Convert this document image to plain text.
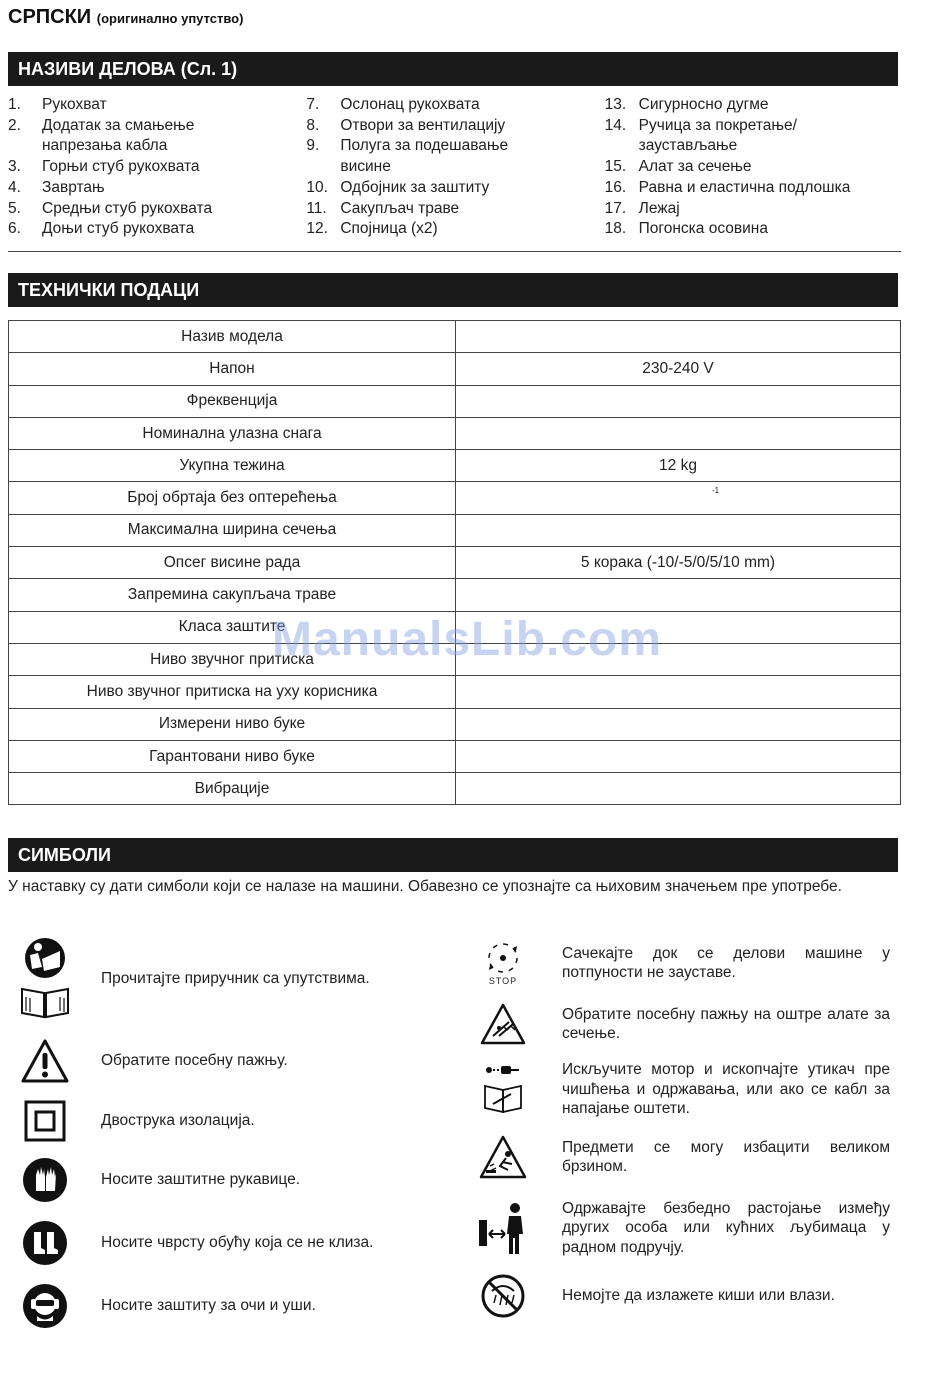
СРПСКИ (оригинално упутство)
НАЗИВИ ДЕЛОВА (Сл. 1)
1.	Рукохват
2.	Додатак за смањење
напрезања кабла
3.	Горњи стуб рукохвата
4.	Завртањ
5.	Средњи стуб рукохвата
6.	Доњи стуб рукохвата
7.	Ослонац рукохвата
8.	Отвори за вентилацију
9.	Полуга за подешавање
висине
10. Одбојник за заштиту
11. Сакупљач траве
12. Спојница (x2)
13. Сигурносно дугме
14. Ручица за покретање/
заустављање
15. Алат за сечење
16. Равна и еластична подлошка
17. Лежај
18. Погонска осовина
ТЕХНИЧКИ ПОДАЦИ
Назив модела	
Напон	230-240 V
Фреквенција	
Номинална улазна снага	
Укупна тежина	12 kg
Број обртаја без оптерећења	-1

Максимална ширина сечења	
Опсег висине рада	5 корака (-10/-5/0/5/10 mm)
Запремина сакупљача траве	
Класа заштите	
Ниво звучног притиска	
Ниво звучног притиска на уху корисника	
Измерени ниво буке	
Гарантовани ниво буке	
Вибрације	
ManualsLib.com
СИМБОЛИ
У наставку су дати симболи који се налазе на машини. Обавезно се упознајте са њиховим значењем пре употребе.
Прочитајте приручник са упутствима.
Обратите посебну пажњу.
Двострука изолација.
Носите заштитне рукавице.
Носите чврсту обућу која се не клиза.
Носите заштиту за очи и уши.
STOP
Сачекајте док се делови машине у потпуности не зауставе.
Обратите посебну пажњу на оштре алате за сечење.
Искључите мотор и ископчајте утикач пре чишћења и одржавања, или ако се кабл за напајање оштети.
Предмети се могу избацити великом брзином.
Одржавајте безбедно растојање између других особа или кућних љубимаца у радном подручју.
Немојте да излажете киши или влази.
